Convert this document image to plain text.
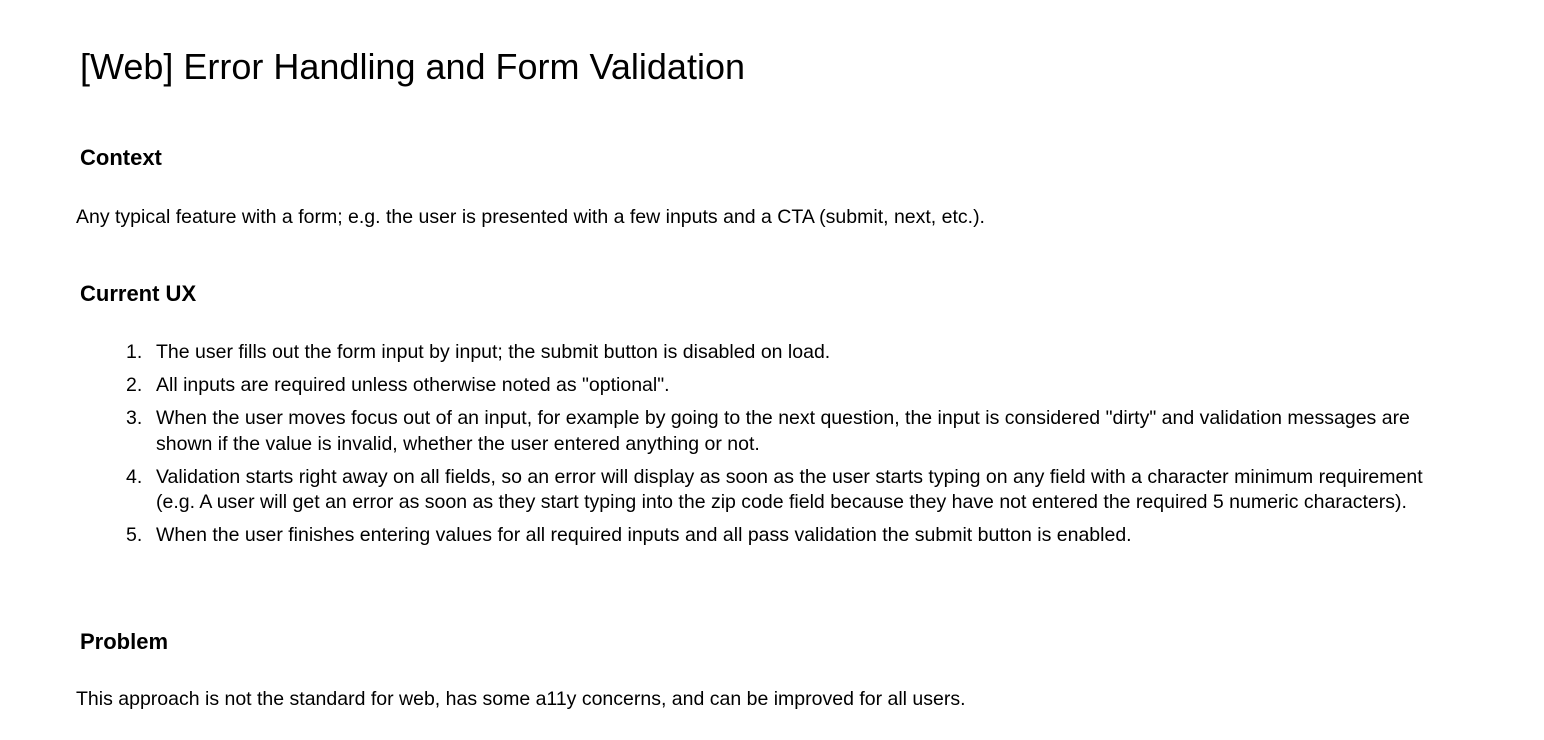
[Web] Error Handling and Form Validation
Context

Any typical feature with a form; e.g. the user is presented with a few inputs and a CTA (submit, next, etc.).

Current UX
1. The user fills out the form input by input; the submit button is disabled on load.
2. All inputs are required unless otherwise noted as "optional".
3. When the user moves focus out of an input, for example by going to the next question, the input is considered "dirty" and validation messages are shown if the value is invalid, whether the user entered anything or not.
4. Validation starts right away on all fields, so an error will display as soon as the user starts typing on any field with a character minimum requirement (e.g. A user will get an error as soon as they start typing into the zip code field because they have not entered the required 5 numeric characters).
5. When the user finishes entering values for all required inputs and all pass validation the submit button is enabled.
Problem

This approach is not the standard for web, has some a11y concerns, and can be improved for all users.
